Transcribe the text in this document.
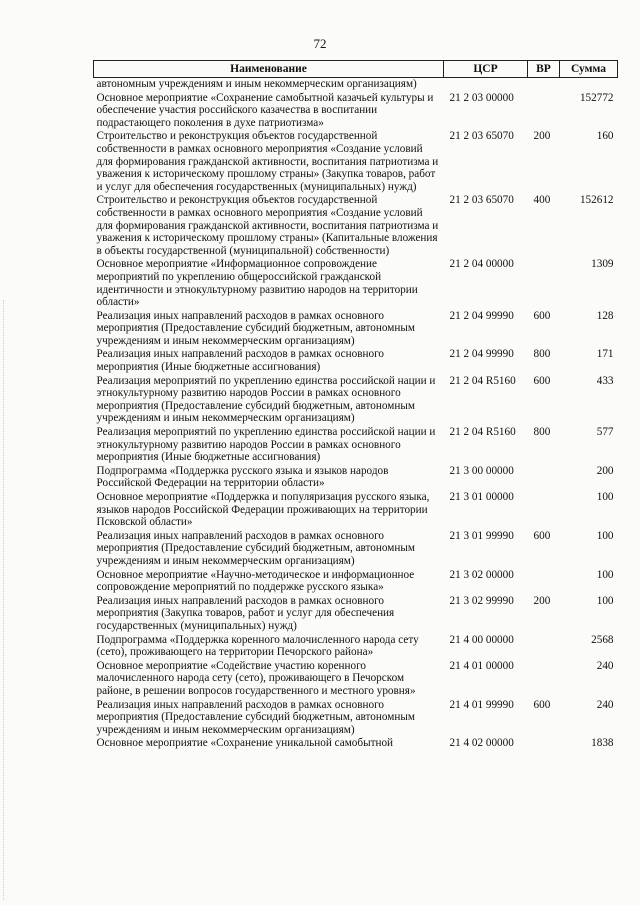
72
Наименование	ЦСР	ВР	Сумма
автономным учреждениям и иным некоммерческим организациям)			
Основное мероприятие «Сохранение самобытной казачьей культуры и обеспечение участия российского казачества в воспитании подрастающего поколения в духе патриотизма»	21 2 03 00000		152772
Строительство и реконструкция объектов государственной собственности в рамках основного мероприятия «Создание условий для формирования гражданской активности, воспитания патриотизма и уважения к историческому прошлому страны» (Закупка товаров, работ и услуг для обеспечения государственных (муниципальных) нужд)	21 2 03 65070	200	160
Строительство и реконструкция объектов государственной собственности в рамках основного мероприятия «Создание условий для формирования гражданской активности, воспитания патриотизма и уважения к историческому прошлому страны» (Капитальные вложения в объекты государственной (муниципальной) собственности)	21 2 03 65070	400	152612
Основное мероприятие «Информационное сопровождение мероприятий по укреплению общероссийской гражданской идентичности и этнокультурному развитию народов на территории области»	21 2 04 00000		1309
Реализация иных направлений расходов в рамках основного мероприятия (Предоставление субсидий бюджетным, автономным учреждениям и иным некоммерческим организациям)	21 2 04 99990	600	128
Реализация иных направлений расходов в рамках основного мероприятия (Иные бюджетные ассигнования)	21 2 04 99990	800	171
Реализация мероприятий по укреплению единства российской нации и этнокультурному развитию народов России в рамках основного мероприятия (Предоставление субсидий бюджетным, автономным учреждениям и иным некоммерческим организациям)	21 2 04 R5160	600	433
Реализация мероприятий по укреплению единства российской нации и этнокультурному развитию народов России в рамках основного мероприятия (Иные бюджетные ассигнования)	21 2 04 R5160	800	577
Подпрограмма «Поддержка русского языка и языков народов Российской Федерации на территории области»	21 3 00 00000		200
Основное мероприятие «Поддержка и популяризация русского языка, языков народов Российской Федерации проживающих на территории Псковской области»	21 3 01 00000		100
Реализация иных направлений расходов в рамках основного мероприятия (Предоставление субсидий бюджетным, автономным учреждениям и иным некоммерческим организациям)	21 3 01 99990	600	100
Основное мероприятие «Научно-методическое и информационное сопровождение мероприятий по поддержке русского языка»	21 3 02 00000		100
Реализация иных направлений расходов в рамках основного мероприятия (Закупка товаров, работ и услуг для обеспечения государственных (муниципальных) нужд)	21 3 02 99990	200	100
Подпрограмма «Поддержка коренного малочисленного народа сету (сето), проживающего на территории Печорского района»	21 4 00 00000		2568
Основное мероприятие «Содействие участию коренного малочисленного народа сету (сето), проживающего в Печорском районе, в решении вопросов государственного и местного уровня»	21 4 01 00000		240
Реализация иных направлений расходов в рамках основного мероприятия (Предоставление субсидий бюджетным, автономным учреждениям и иным некоммерческим организациям)	21 4 01 99990	600	240
Основное мероприятие «Сохранение уникальной самобытной	21 4 02 00000		1838
